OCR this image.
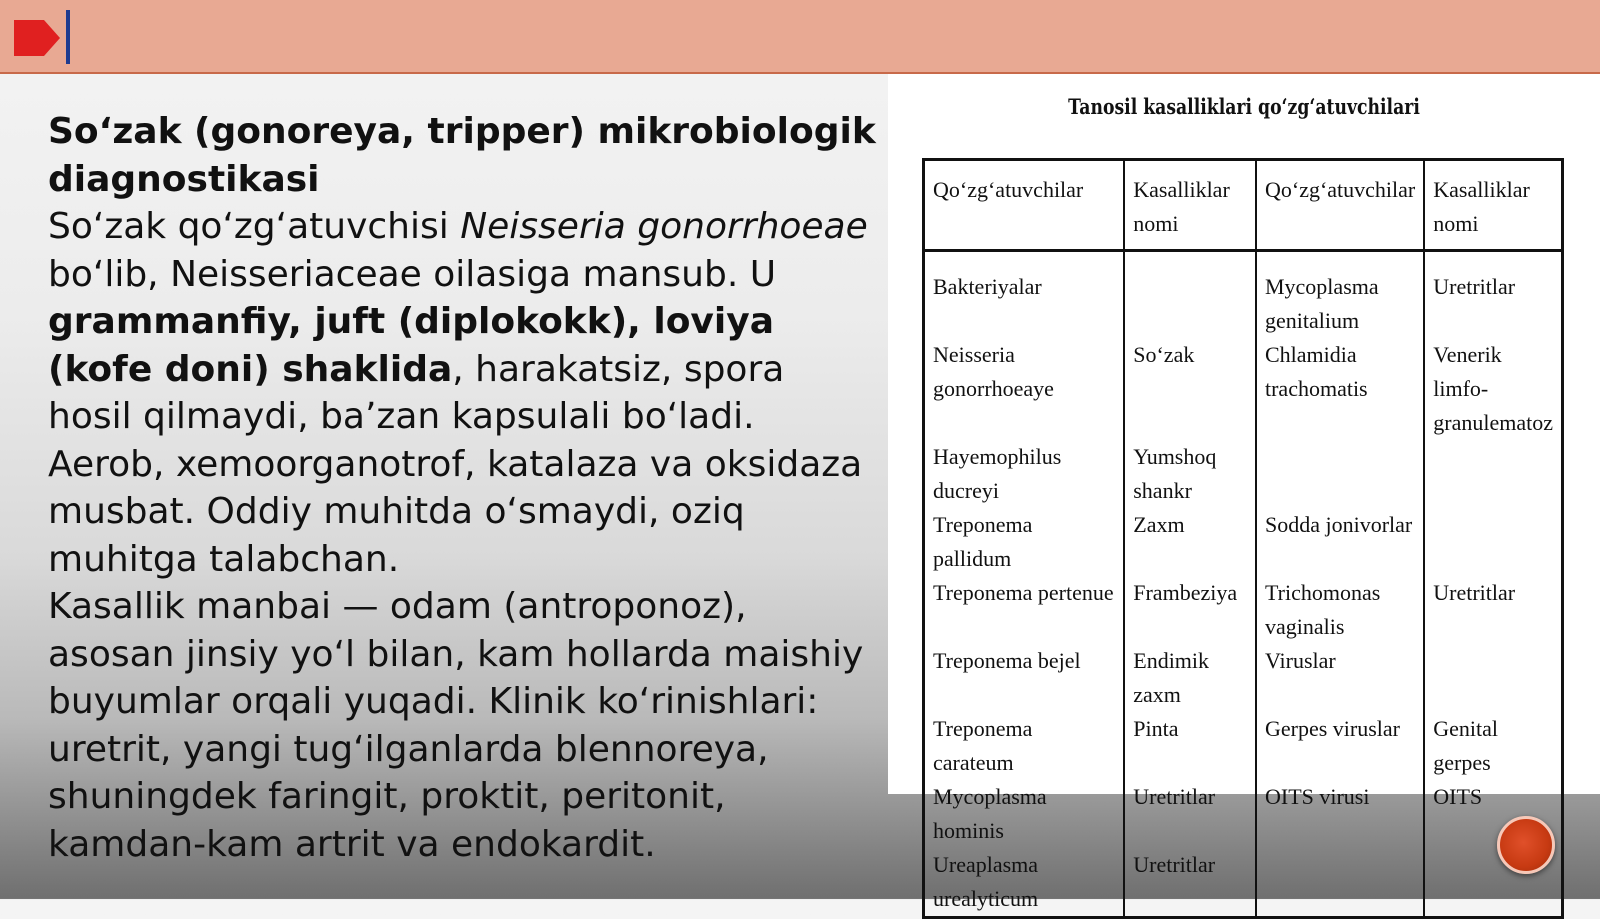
So‘zak (gonoreya, tripper) mikrobiologik diagnostikasi
So‘zak qo‘zg‘atuvchisi Neisseria gonorrhoeae bo‘lib, Neisseriaceae oilasiga mansub. U grammanfiy, juft (diplokokk), loviya (kofe doni) shaklida, harakatsiz, spora hosil qilmaydi, ba’zan kapsulali bo‘ladi. Aerob, xemoorganotrof, katalaza va oksidaza musbat. Oddiy muhitda o‘smaydi, oziq muhitga talabchan.
Kasallik manbai — odam (antroponoz), asosan jinsiy yo‘l bilan, kam hollarda maishiy buyumlar orqali yuqadi. Klinik ko‘rinishlari: uretrit, yangi tug‘ilganlarda blennoreya, shuningdek faringit, proktit, peritonit, kamdan-kam artrit va endokardit.
Tanosil kasalliklari qo‘zg‘atuvchilari
Qo‘zg‘atuvchilar	Kasalliklar nomi	Qo‘zg‘atuvchilar	Kasalliklar nomi
Bakteriyalar		Mycoplasma genitalium	Uretritlar
Neisseria gonorrhoeaye	So‘zak	Chlamidia trachomatis	Venerik limfo-granulematoz
Hayemophilus ducreyi	Yumshoq shankr		
Treponema pallidum	Zaxm	Sodda jonivorlar	
Treponema pertenue	Frambeziya	Trichomonas vaginalis	Uretritlar
Treponema bejel	Endimik zaxm	Viruslar	
Treponema carateum	Pinta	Gerpes viruslar	Genital gerpes
Mycoplasma hominis	Uretritlar	OITS virusi	OITS
Ureaplasma urealyticum	Uretritlar		
